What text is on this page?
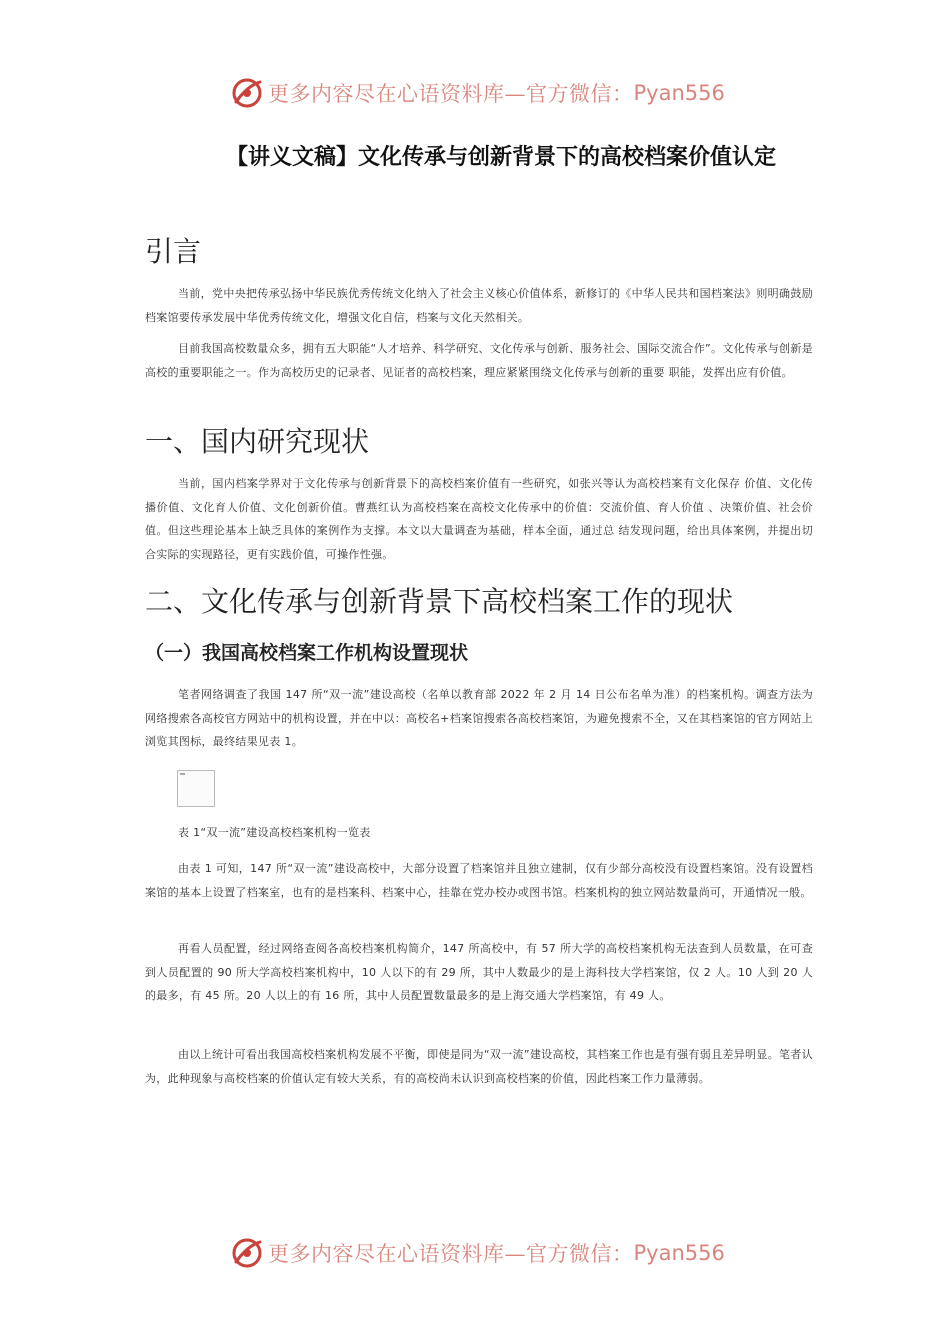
更多内容尽在心语资料库—官方微信： Pyan556
【讲义文稿】文化传承与创新背景下的高校档案价值认定
引言

当前，党中央把传承弘扬中华民族优秀传统文化纳入了社会主义核心价值体系，新修订的《中华人民共和国档案法》则明确鼓励档案馆要传承发展中华优秀传统文化，增强文化自信，档案与文化天然相关。

目前我国高校数量众多，拥有五大职能“人才培养、科学研究、文化传承与创新、服务社会、国际交流合作”。文化传承与创新是高校的重要职能之一。作为高校历史的记录者、见证者的高校档案，理应紧紧围绕文化传承与创新的重要 职能，发挥出应有价值。

一、国内研究现状

当前，国内档案学界对于文化传承与创新背景下的高校档案价值有一些研究，如张兴等认为高校档案有文化保存 价值、文化传播价值、文化育人价值、文化创新价值。曹燕红认为高校档案在高校文化传承中的价值：交流价值、育人价值 、决策价值、社会价值。但这些理论基本上缺乏具体的案例作为支撑。本文以大量调查为基础，样本全面，通过总 结发现问题，给出具体案例，并提出切合实际的实现路径，更有实践价值，可操作性强。

二、文化传承与创新背景下高校档案工作的现状
（一）我国高校档案工作机构设置现状

笔者网络调查了我国 147 所“双一流”建设高校（名单以教育部 2022 年 2 月 14 日公布名单为准）的档案机构。调查方法为网络搜索各高校官方网站中的机构设置，并在中以：高校名+档案馆搜索各高校档案馆，为避免搜索不全，又在其档案馆的官方网站上浏览其图标，最终结果见表 1。

表 1“双一流”建设高校档案机构一览表

由表 1 可知，147 所“双一流”建设高校中，大部分设置了档案馆并且独立建制，仅有少部分高校没有设置档案馆。没有设置档案馆的基本上设置了档案室，也有的是档案科、档案中心，挂靠在党办校办或图书馆。档案机构的独立网站数量尚可，开通情况一般。

再看人员配置，经过网络查阅各高校档案机构简介，147 所高校中，有 57 所大学的高校档案机构无法查到人员数量，在可查到人员配置的 90 所大学高校档案机构中，10 人以下的有 29 所，其中人数最少的是上海科技大学档案馆，仅 2 人。10 人到 20 人的最多，有 45 所。20 人以上的有 16 所，其中人员配置数量最多的是上海交通大学档案馆，有 49 人。

由以上统计可看出我国高校档案机构发展不平衡，即使是同为“双一流”建设高校，其档案工作也是有强有弱且差异明显。笔者认为，此种现象与高校档案的价值认定有较大关系，有的高校尚未认识到高校档案的价值，因此档案工作力量薄弱。

更多内容尽在心语资料库—官方微信： Pyan556
